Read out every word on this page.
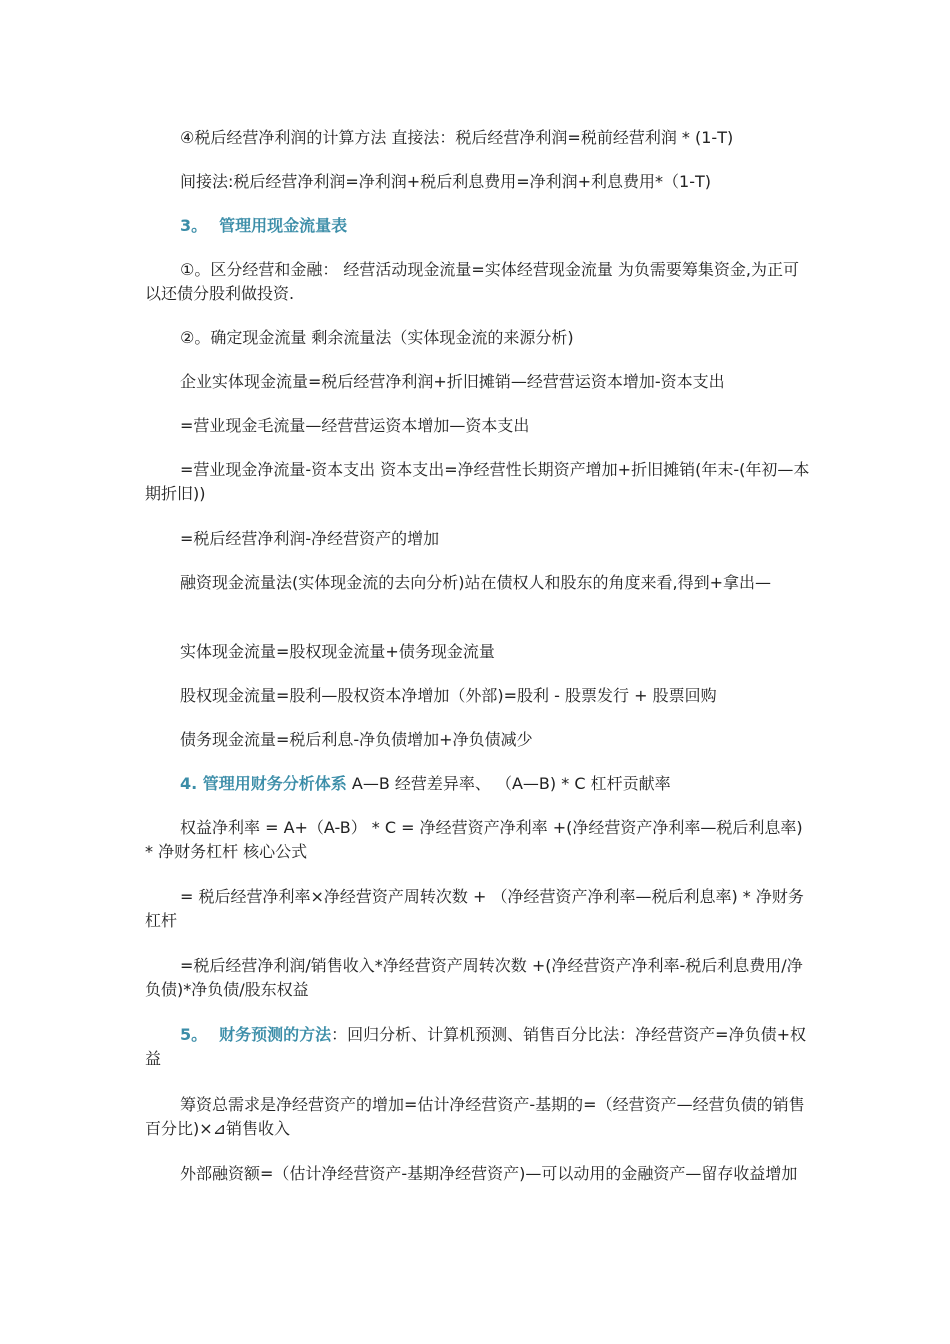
④税后经营净利润的计算方法 直接法：税后经营净利润=税前经营利润 * (1-T)

间接法:税后经营净利润=净利润+税后利息费用=净利润+利息费用*（1-T)

3。 管理用现金流量表

①。区分经营和金融： 经营活动现金流量=实体经营现金流量 为负需要筹集资金,为正可以还债分股利做投资.

②。确定现金流量 剩余流量法（实体现金流的来源分析)

企业实体现金流量=税后经营净利润+折旧摊销—经营营运资本增加-资本支出

=营业现金毛流量—经营营运资本增加—资本支出

=营业现金净流量-资本支出 资本支出=净经营性长期资产增加+折旧摊销(年末-(年初—本期折旧))

=税后经营净利润-净经营资产的增加

融资现金流量法(实体现金流的去向分析)站在债权人和股东的角度来看,得到+拿出—

实体现金流量=股权现金流量+债务现金流量

股权现金流量=股利—股权资本净增加（外部)=股利 - 股票发行 + 股票回购

债务现金流量=税后利息-净负债增加+净负债减少

4. 管理用财务分析体系 A—B 经营差异率、 （A—B) * C 杠杆贡献率

权益净利率 = A+（A-B） * C = 净经营资产净利率 +(净经营资产净利率—税后利息率) * 净财务杠杆 核心公式

= 税后经营净利率×净经营资产周转次数 + （净经营资产净利率—税后利息率) * 净财务杠杆

=税后经营净利润/销售收入*净经营资产周转次数 +(净经营资产净利率-税后利息费用/净负债)*净负债/股东权益

5。 财务预测的方法：回归分析、计算机预测、销售百分比法：净经营资产=净负债+权益

筹资总需求是净经营资产的增加=估计净经营资产-基期的=（经营资产—经营负债的销售百分比)×⊿销售收入

外部融资额=（估计净经营资产-基期净经营资产)—可以动用的金融资产—留存收益增加
